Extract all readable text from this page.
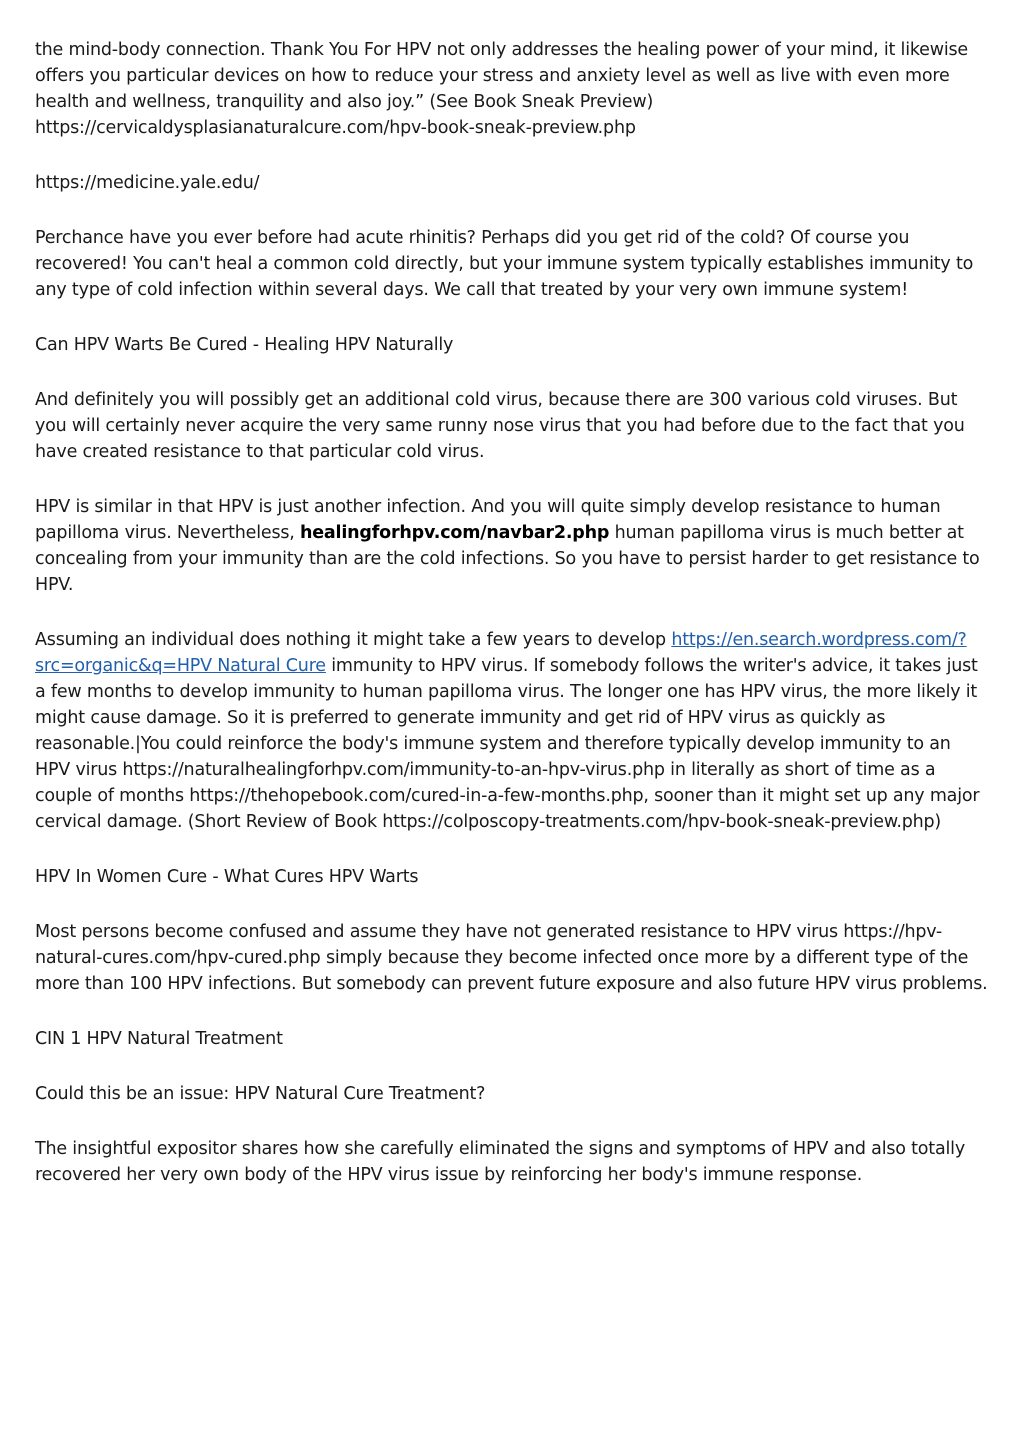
the mind-body connection. Thank You For HPV not only addresses the healing power of your mind, it likewise offers you particular devices on how to reduce your stress and anxiety level as well as live with even more health and wellness, tranquility and also joy.” (See Book Sneak Preview) https://cervicaldysplasianaturalcure.com/hpv-book-sneak-preview.php

https://medicine.yale.edu/

Perchance have you ever before had acute rhinitis? Perhaps did you get rid of the cold? Of course you recovered! You can't heal a common cold directly, but your immune system typically establishes immunity to any type of cold infection within several days. We call that treated by your very own immune system!

Can HPV Warts Be Cured - Healing HPV Naturally

And definitely you will possibly get an additional cold virus, because there are 300 various cold viruses. But you will certainly never acquire the very same runny nose virus that you had before due to the fact that you have created resistance to that particular cold virus.

HPV is similar in that HPV is just another infection. And you will quite simply develop resistance to human papilloma virus. Nevertheless, healingforhpv.com/navbar2.php human papilloma virus is much better at concealing from your immunity than are the cold infections. So you have to persist harder to get resistance to HPV.

Assuming an individual does nothing it might take a few years to develop https://en.search.wordpress.com/?src=organic&q=HPV Natural Cure immunity to HPV virus. If somebody follows the writer's advice, it takes just a few months to develop immunity to human papilloma virus. The longer one has HPV virus, the more likely it might cause damage. So it is preferred to generate immunity and get rid of HPV virus as quickly as reasonable.|You could reinforce the body's immune system and therefore typically develop immunity to an HPV virus https://naturalhealingforhpv.com/immunity-to-an-hpv-virus.php in literally as short of time as a couple of months https://thehopebook.com/cured-in-a-few-months.php, sooner than it might set up any major cervical damage. (Short Review of Book https://colposcopy-treatments.com/hpv-book-sneak-preview.php)

HPV In Women Cure - What Cures HPV Warts

Most persons become confused and assume they have not generated resistance to HPV virus https://hpv-natural-cures.com/hpv-cured.php simply because they become infected once more by a different type of the more than 100 HPV infections. But somebody can prevent future exposure and also future HPV virus problems.

CIN 1 HPV Natural Treatment

Could this be an issue: HPV Natural Cure Treatment?

The insightful expositor shares how she carefully eliminated the signs and symptoms of HPV and also totally recovered her very own body of the HPV virus issue by reinforcing her body's immune response.
